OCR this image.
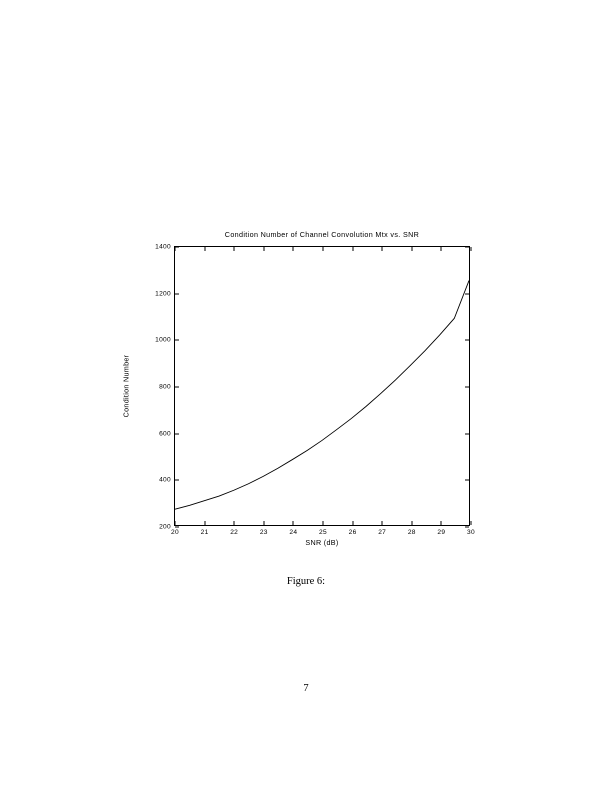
Condition Number of Channel Convolution Mtx vs. SNR
Condition Number
200
400
600
800
1000
1200
1400
20	21	22	23	24	25	26	27	28	29	30
SNR (dB)
Figure 6:
7
